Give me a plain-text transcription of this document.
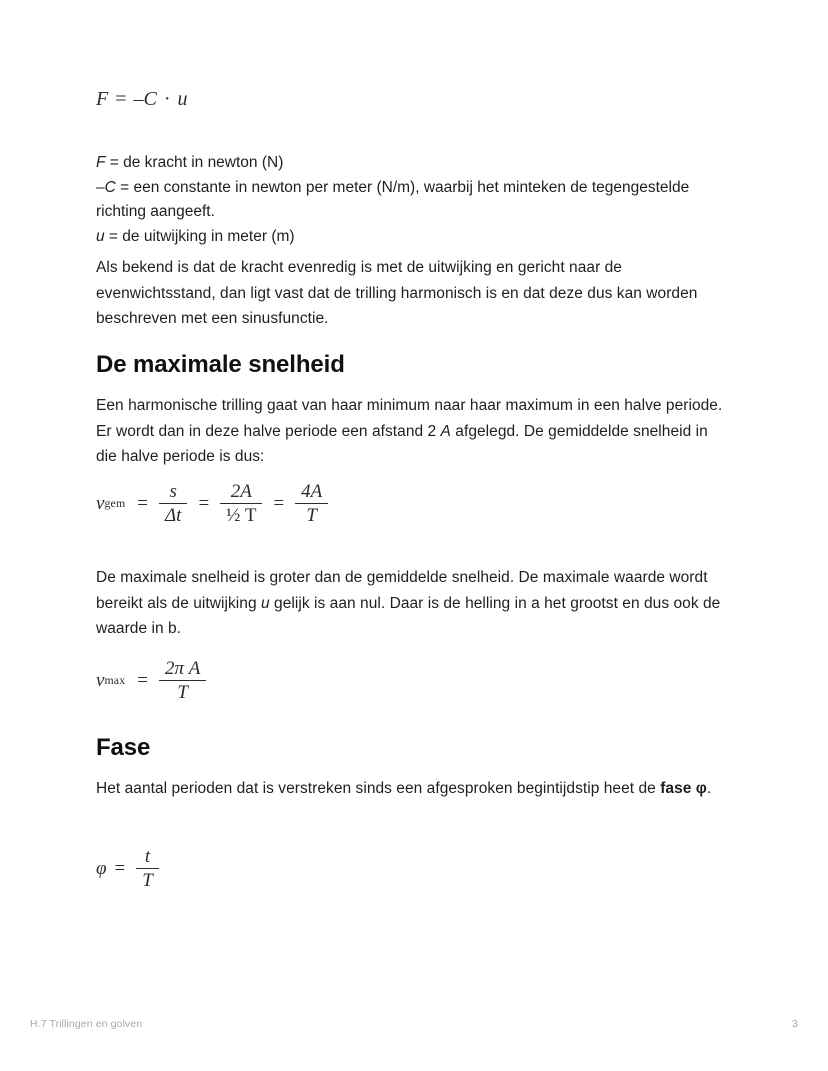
F = – C · u
F = de kracht in newton (N)
–C = een constante in newton per meter (N/m), waarbij het minteken de tegengestelde richting aangeeft.
u = de uitwijking in meter (m)

Als bekend is dat de kracht evenredig is met de uitwijking en gericht naar de evenwichtsstand, dan ligt vast dat de trilling harmonisch is en dat deze dus kan worden beschreven met een sinusfunctie.

De maximale snelheid

Een harmonische trilling gaat van haar minimum naar haar maximum in een halve periode. Er wordt dan in deze halve periode een afstand 2 A afgelegd. De gemiddelde snelheid in die halve periode is dus:

v gem = $\frac{s}{\Delta t} = \frac{2A}{\text{½ T}} = \frac{4A}{T}$

De maximale snelheid is groter dan de gemiddelde snelheid. De maximale waarde wordt bereikt als de uitwijking u gelijk is aan nul. Daar is de helling in a het grootst en dus ook de waarde in b.

v $\max = \frac{\text{2π A}}{T}$
Fase

Het aantal perioden dat is verstreken sinds een afgesproken begintijdstip heet de fase φ.

$\varphi = \frac{t}{T}$
H.7 Trillingen en golven	3
